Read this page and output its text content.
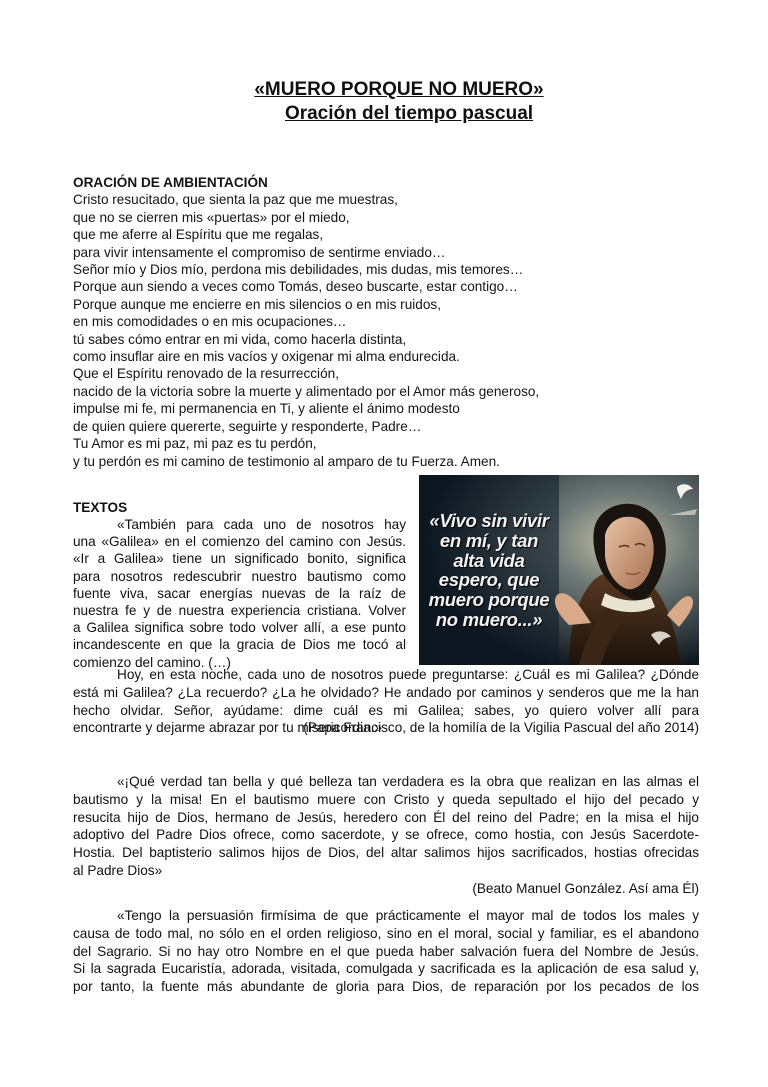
«MUERO PORQUE NO MUERO»
Oración del tiempo pascual
ORACIÓN DE AMBIENTACIÓN
Cristo resucitado, que sienta la paz que me muestras,
que no se cierren mis «puertas» por el miedo,
que me aferre al Espíritu que me regalas,
para vivir intensamente el compromiso de sentirme enviado…
Señor mío y Dios mío, perdona mis debilidades, mis dudas, mis temores…
Porque aun siendo a veces como Tomás, deseo buscarte, estar contigo…
Porque aunque me encierre en mis silencios o en mis ruidos,
en mis comodidades o en mis ocupaciones…
tú sabes cómo entrar en mi vida, como hacerla distinta,
como insuflar aire en mis vacíos y oxigenar mi alma endurecida.
Que el Espíritu renovado de la resurrección,
nacido de la victoria sobre la muerte y alimentado por el Amor más generoso,
impulse mi fe, mi permanencia en Ti, y aliente el ánimo modesto
de quien quiere quererte, seguirte y responderte, Padre…
Tu Amor es mi paz, mi paz es tu perdón,
y tu perdón es mi camino de testimonio al amparo de tu Fuerza. Amen.
TEXTOS
«También para cada uno de nosotros hay
una «Galilea» en el comienzo del camino con Jesús.
«Ir a Galilea» tiene un significado bonito, significa
para nosotros redescubrir nuestro bautismo como
fuente viva, sacar energías nuevas de la raíz de
nuestra fe y de nuestra experiencia cristiana. Volver
a Galilea significa sobre todo volver allí, a ese punto
incandescente en que la gracia de Dios me tocó al
comienzo del camino. (…)
«Vivo sin vivir
en mí, y tan
alta vida
espero, que
muero porque
no muero...»
Hoy, en esta noche, cada uno de nosotros puede preguntarse: ¿Cuál es mi Galilea? ¿Dónde
está mi Galilea? ¿La recuerdo? ¿La he olvidado? He andado por caminos y senderos que me la han
hecho olvidar. Señor, ayúdame: dime cuál es mi Galilea; sabes, yo quiero volver allí para
encontrarte y dejarme abrazar por tu misericordia.»
(Papa Francisco, de la homilía de la Vigilia Pascual del año 2014)
«¡Qué verdad tan bella y qué belleza tan verdadera es la obra que realizan en las almas el
bautismo y la misa! En el bautismo muere con Cristo y queda sepultado el hijo del pecado y
resucita hijo de Dios, hermano de Jesús, heredero con Él del reino del Padre; en la misa el hijo
adoptivo del Padre Dios ofrece, como sacerdote, y se ofrece, como hostia, con Jesús Sacerdote-
Hostia. Del baptisterio salimos hijos de Dios, del altar salimos hijos sacrificados, hostias ofrecidas
al Padre Dios»
(Beato Manuel González. Así ama Él)
«Tengo la persuasión firmísima de que prácticamente el mayor mal de todos los males y
causa de todo mal, no sólo en el orden religioso, sino en el moral, social y familiar, es el abandono
del Sagrario. Si no hay otro Nombre en el que pueda haber salvación fuera del Nombre de Jesús.
Si la sagrada Eucaristía, adorada, visitada, comulgada y sacrificada es la aplicación de esa salud y,
por tanto, la fuente más abundante de gloria para Dios, de reparación por los pecados de los
